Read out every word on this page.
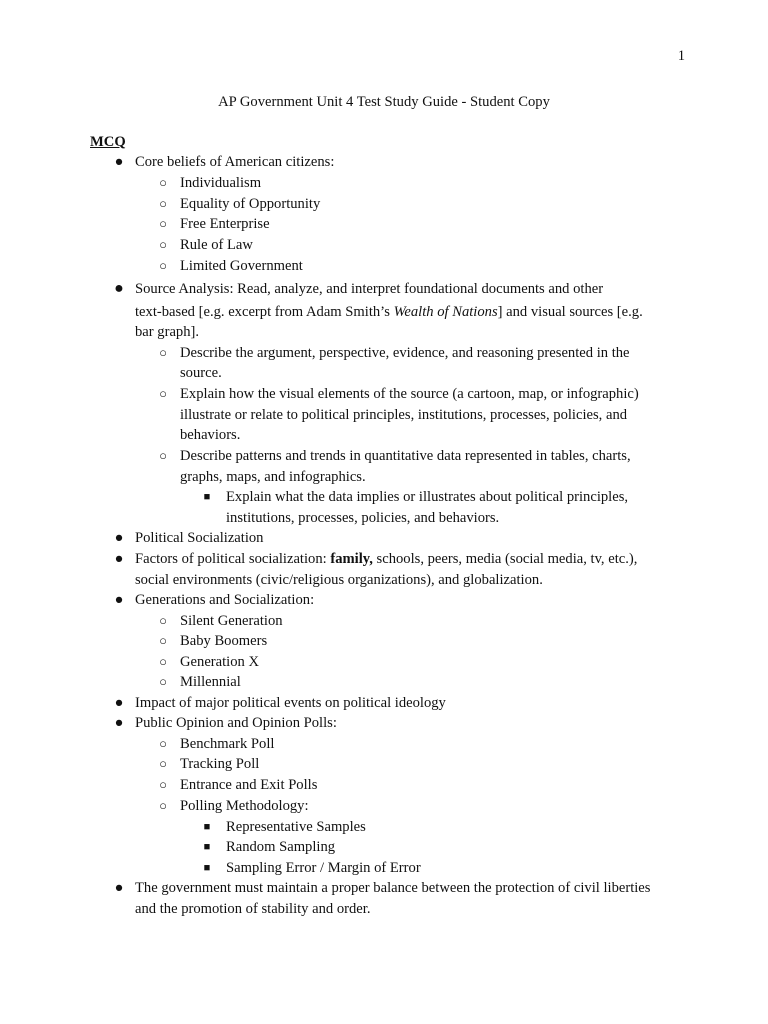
1
AP Government Unit 4 Test Study Guide - Student Copy
MCQ
● Core beliefs of American citizens:
○ Individualism
○ Equality of Opportunity
○ Free Enterprise
○ Rule of Law
○ Limited Government
● Source Analysis: Read, analyze, and interpret foundational documents and other
text-based [e.g. excerpt from Adam Smith’s Wealth of Nations] and visual sources [e.g.
bar graph].
○ Describe the argument, perspective, evidence, and reasoning presented in the
source.
○ Explain how the visual elements of the source (a cartoon, map, or infographic)
illustrate or relate to political principles, institutions, processes, policies, and
behaviors.
○ Describe patterns and trends in quantitative data represented in tables, charts,
graphs, maps, and infographics.
■ Explain what the data implies or illustrates about political principles,
institutions, processes, policies, and behaviors.
● Political Socialization
● Factors of political socialization: family, schools, peers, media (social media, tv, etc.),
social environments (civic/religious organizations), and globalization.
● Generations and Socialization:
○ Silent Generation
○ Baby Boomers
○ Generation X
○ Millennial
● Impact of major political events on political ideology
● Public Opinion and Opinion Polls:
○ Benchmark Poll
○ Tracking Poll
○ Entrance and Exit Polls
○ Polling Methodology:
■ Representative Samples
■ Random Sampling
■ Sampling Error / Margin of Error
● The government must maintain a proper balance between the protection of civil liberties
and the promotion of stability and order.
